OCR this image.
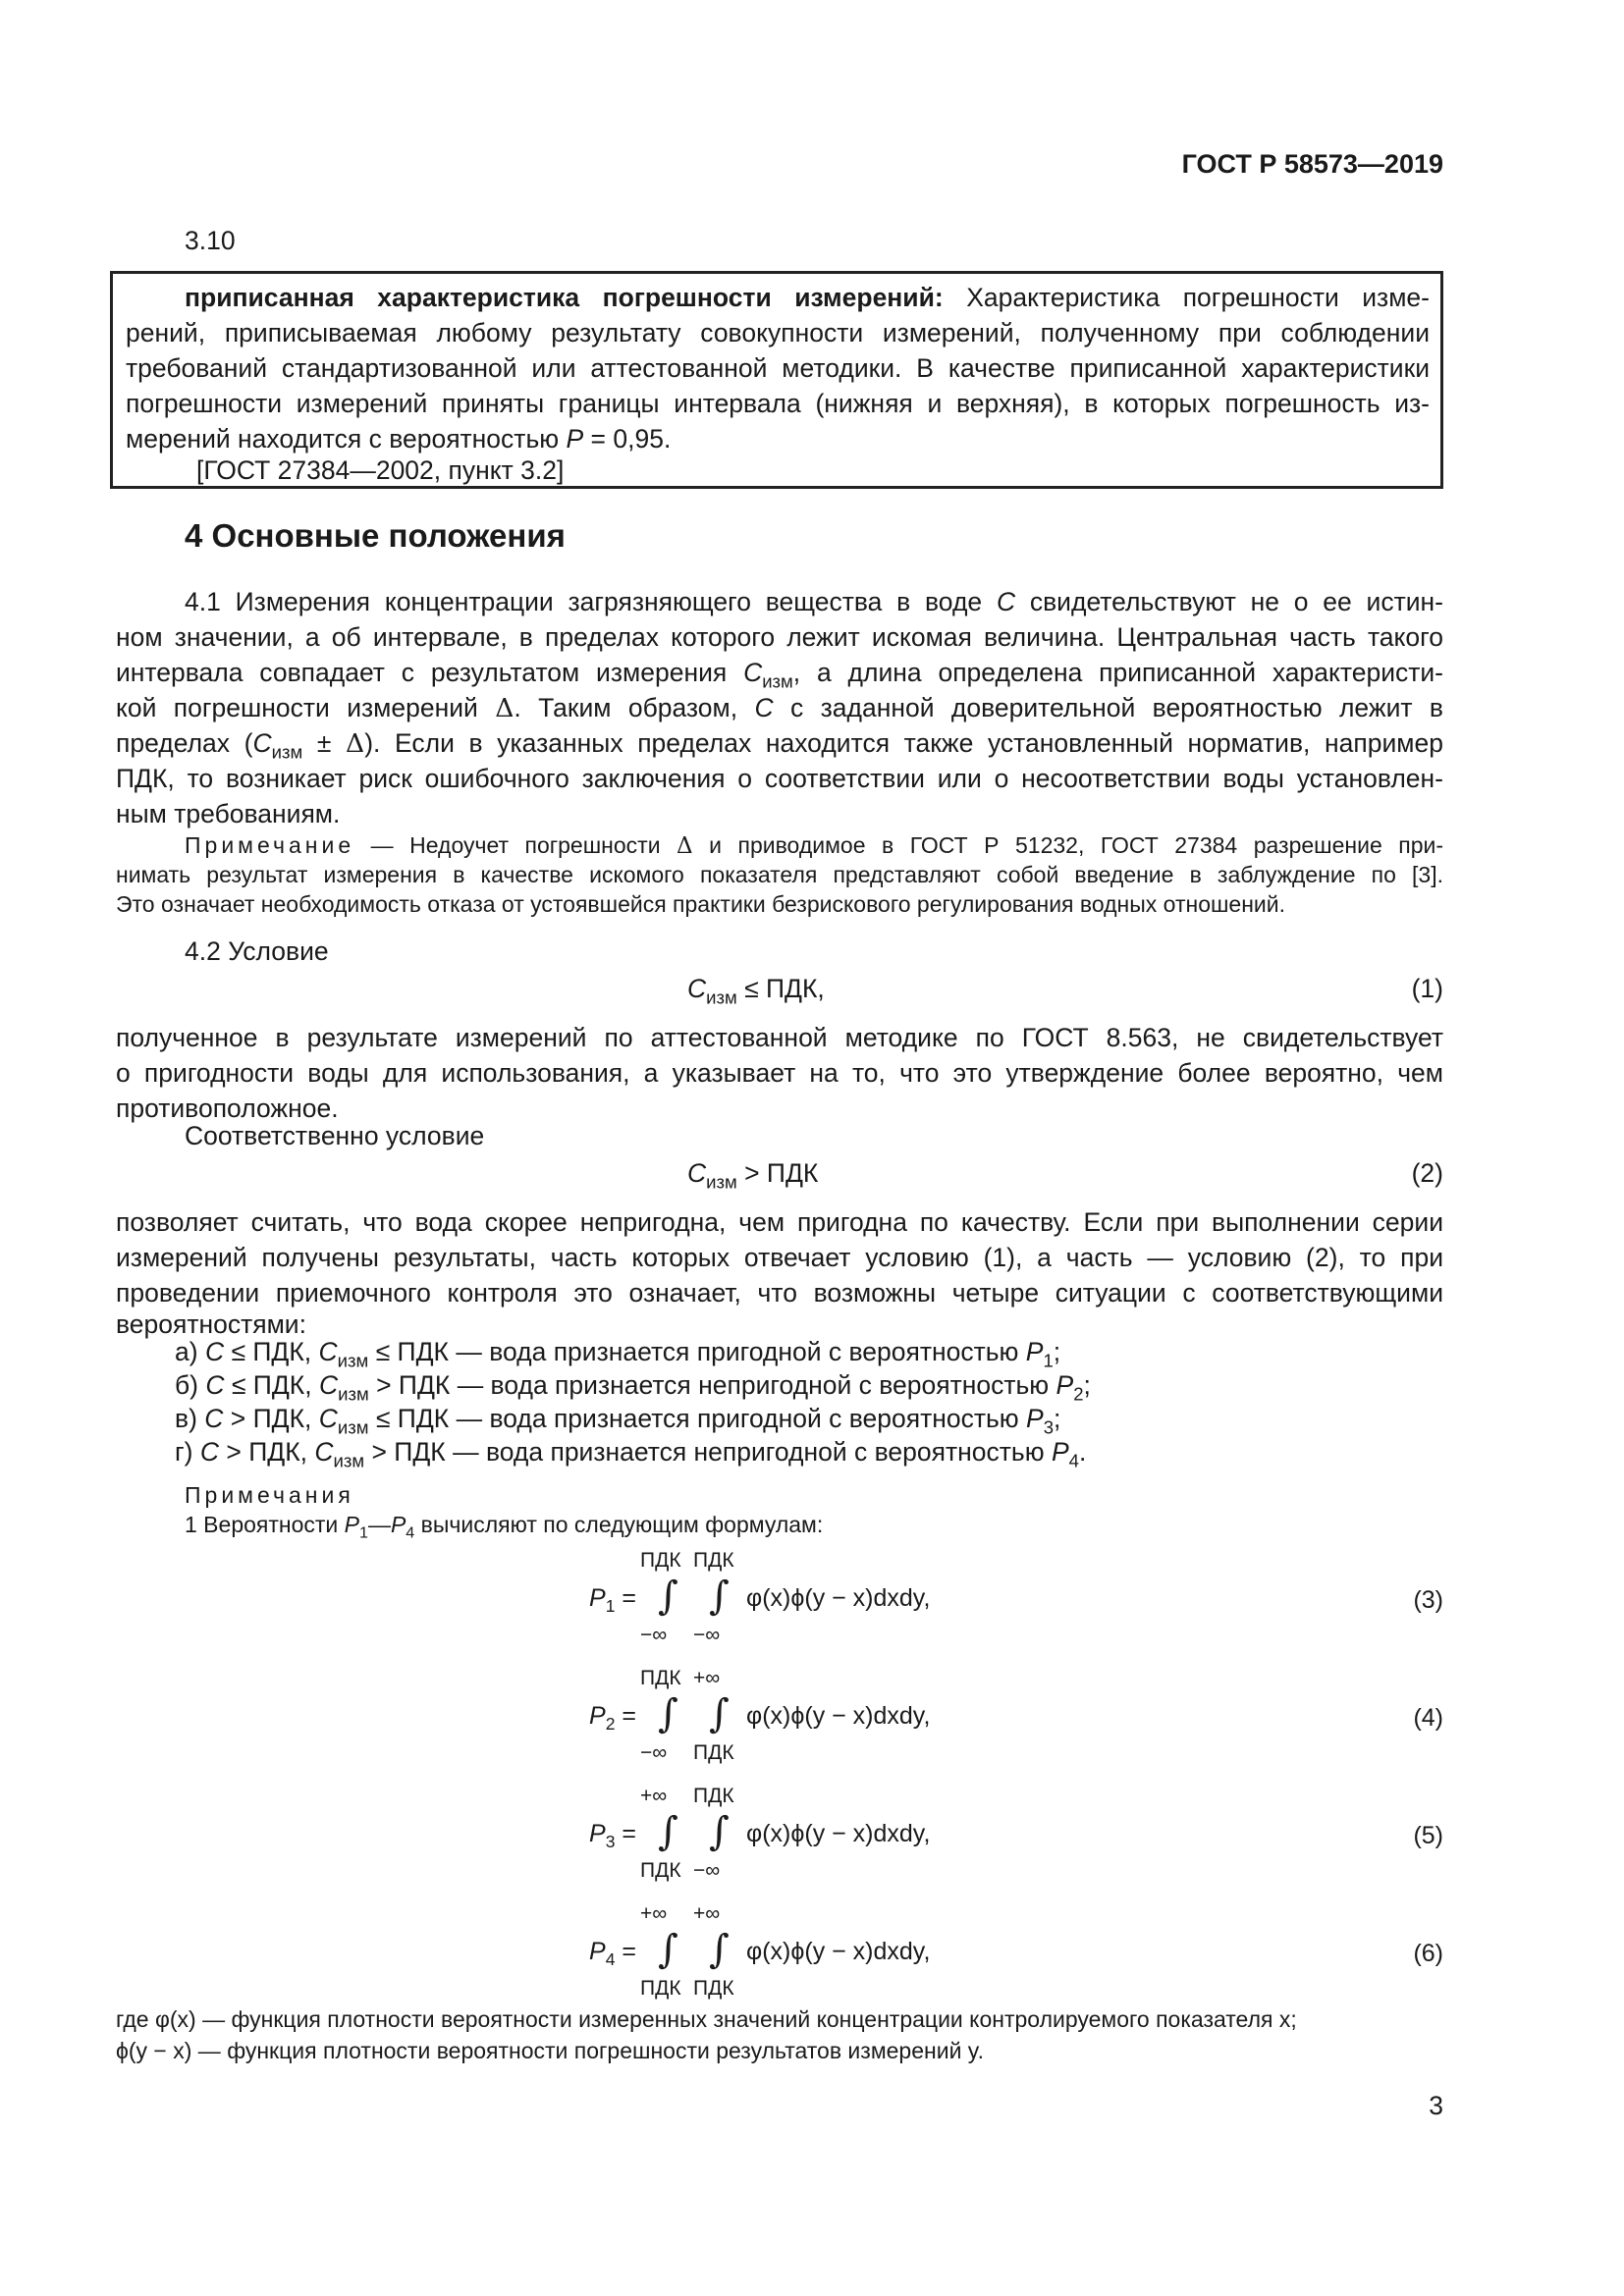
ГОСТ Р 58573—2019
3.10
приписанная характеристика погрешности измерений: Характеристика погрешности изме-
рений, приписываемая любому результату совокупности измерений, полученному при соблюдении
требований стандартизованной или аттестованной методики. В качестве приписанной характеристики
погрешности измерений приняты границы интервала (нижняя и верхняя), в которых погрешность из-
мерений находится с вероятностью P = 0,95.
[ГОСТ 27384—2002, пункт 3.2]
4 Основные положения
4.1 Измерения концентрации загрязняющего вещества в воде C свидетельствуют не о ее истин-
ном значении, а об интервале, в пределах которого лежит искомая величина. Центральная часть такого
интервала совпадает с результатом измерения $C_{изм}$, а длина определена приписанной характеристи-
кой погрешности измерений Δ. Таким образом, C с заданной доверительной вероятностью лежит в
пределах $(C_{изм} \pm \Delta)$. Если в указанных пределах находится также установленный норматив, например
ПДК, то возникает риск ошибочного заключения о соответствии или о несоответствии воды установлен-
ным требованиям.
Примечание — Недоучет погрешности Δ и приводимое в ГОСТ Р 51232, ГОСТ 27384 разрешение при-
нимать результат измерения в качестве искомого показателя представляют собой введение в заблуждение по [3].
Это означает необходимость отказа от устоявшейся практики безрискового регулирования водных отношений.
4.2 Условие
$C_{изм}$ ≤ ПДК,	(1)
полученное в результате измерений по аттестованной методике по ГОСТ 8.563, не свидетельствует
о пригодности воды для использования, а указывает на то, что это утверждение более вероятно, чем
противоположное.
Соответственно условие
$C_{изм}$ > ПДК	(2)
позволяет считать, что вода скорее непригодна, чем пригодна по качеству. Если при выполнении серии
измерений получены результаты, часть которых отвечает условию (1), а часть — условию (2), то при
проведении приемочного контроля это означает, что возможны четыре ситуации с соответствующими
вероятностями:
а) C ≤ ПДК, $C_{изм}$ ≤ ПДК — вода признается пригодной с вероятностью $P_1$;
б) C ≤ ПДК, $C_{изм}$ > ПДК — вода признается непригодной с вероятностью $P_2$;
в) C > ПДК, $C_{изм}$ ≤ ПДК — вода признается пригодной с вероятностью $P_3$;
г) C > ПДК, $C_{изм}$ > ПДК — вода признается непригодной с вероятностью $P_4$.
Примечания
1 Вероятности $P_1—P_4$ вычисляют по следующим формулам:
$P_1$ =
ПДК
∫
−∞
ПДК
∫
−∞
φ(x)ϕ(y − x)dxdy,	(3)
$P_2$ =
ПДК
∫
−∞
+∞
∫
ПДК
φ(x)ϕ(y − x)dxdy,	(4)
$P_3$ =
+∞
∫
ПДК
ПДК
∫
−∞
φ(x)ϕ(y − x)dxdy,	(5)
$P_4$ =
+∞
∫
ПДК
+∞
∫
ПДК
φ(x)ϕ(y − x)dxdy,	(6)
где φ(x) — функция плотности вероятности измеренных значений концентрации контролируемого показателя x;
ϕ(y − x) — функция плотности вероятности погрешности результатов измерений y.
3
